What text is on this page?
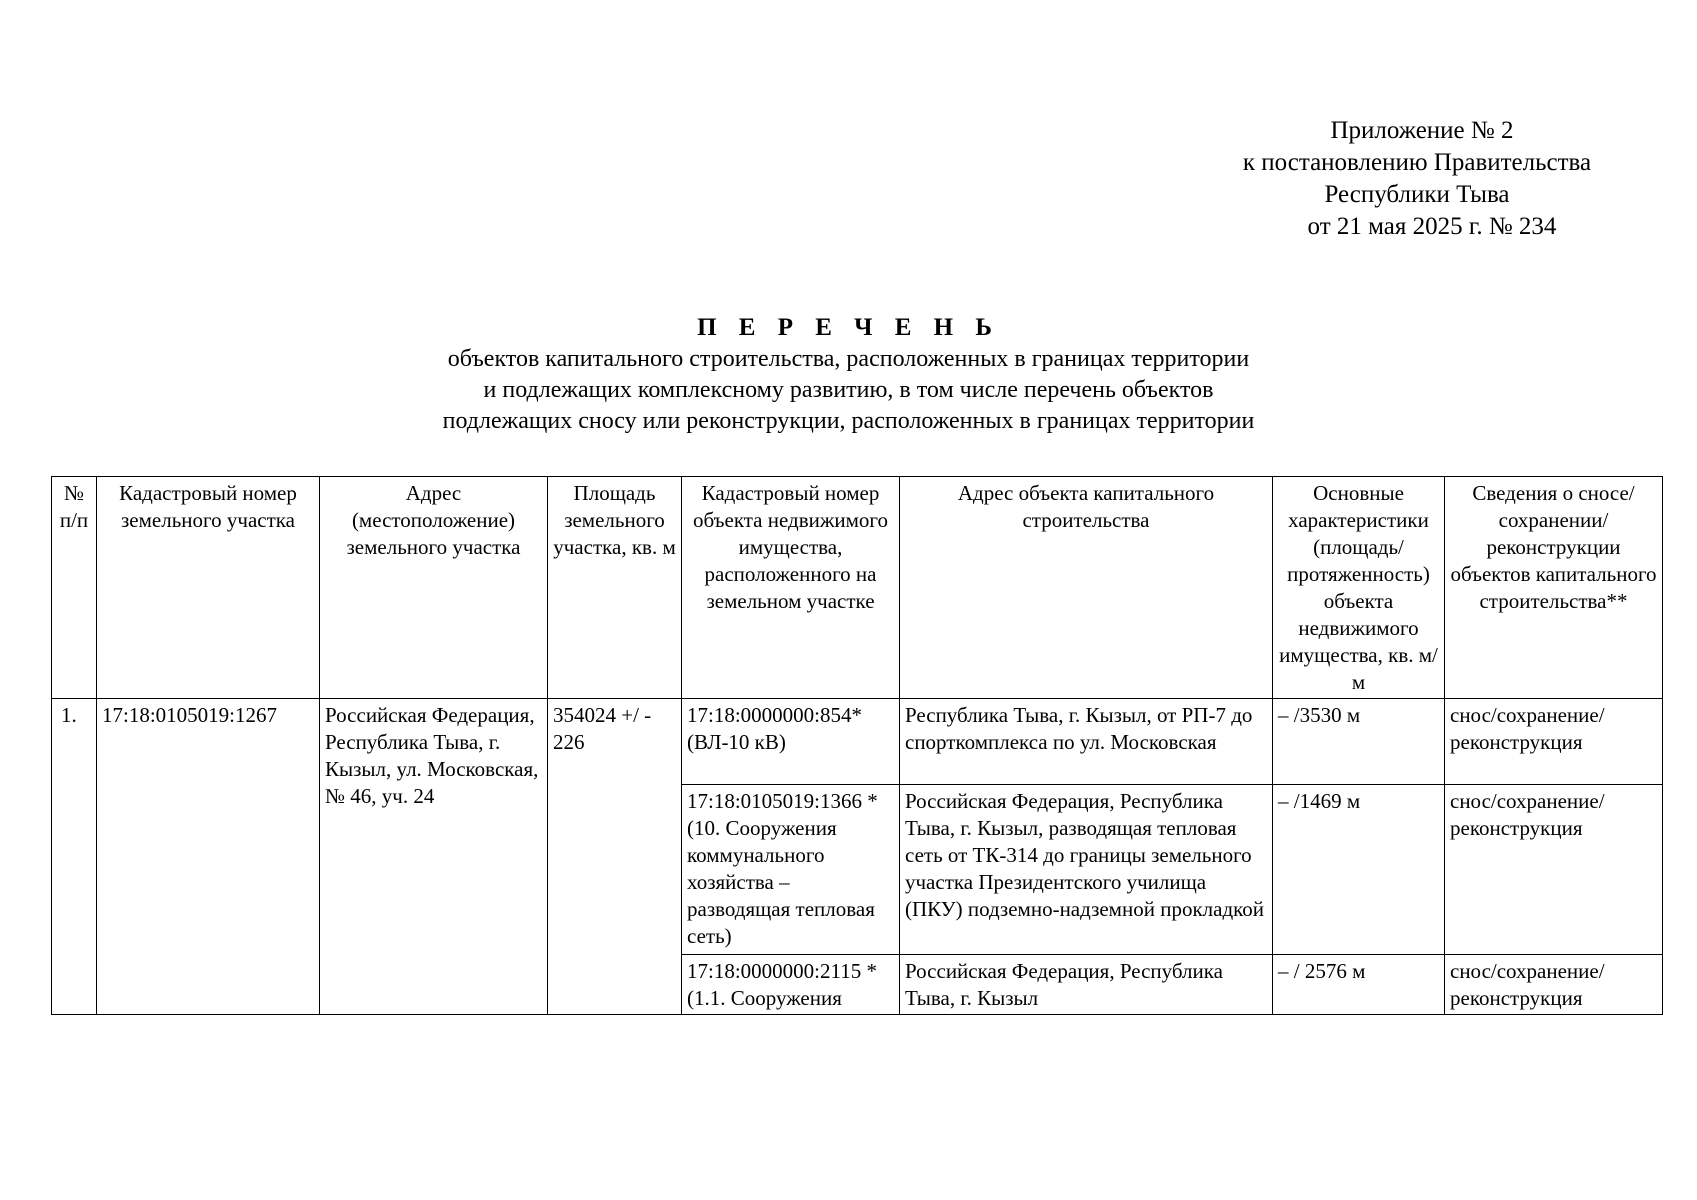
Приложение № 2
к постановлению Правительства
Республики Тыва
от 21 мая 2025 г. № 234
П Е Р Е Ч Е Н Ь
объектов капитального строительства, расположенных в границах территории
и подлежащих комплексному развитию, в том числе перечень объектов
подлежащих сносу или реконструкции, расположенных в границах территории
№ п/п	Кадастровый номер земельного участка	Адрес (местоположение) земельного участка	Площадь земельного участка, кв. м	Кадастровый номер объекта недвижимого имущества, расположенного на земельном участке	Адрес объекта капитального строительства	Основные характеристики (площадь/ протяженность) объекта недвижимого имущества, кв. м/м	Сведения о сносе/ сохранении/ реконструкции объектов капитального строительства**
1.	17:18:0105019:1267	Российская Федерация, Республика Тыва, г. Кызыл, ул. Московская, № 46, уч. 24	354024 +/ - 226	17:18:0000000:854* (ВЛ-10 кВ)	Республика Тыва, г. Кызыл, от РП-7 до спорткомплекса по ул. Московская	– /3530 м	снос/сохранение/ реконструкция
				17:18:0105019:1366 * (10. Сооружения коммунального хозяйства – разводящая тепловая сеть)	Российская Федерация, Республика Тыва, г. Кызыл, разводящая тепловая сеть от ТК-314 до границы земельного участка Президентского училища (ПКУ) подземно-надземной прокладкой	– /1469 м	снос/сохранение/ реконструкция
				17:18:0000000:2115 * (1.1. Сооружения	Российская Федерация, Республика Тыва, г. Кызыл	– / 2576 м	снос/сохранение/ реконструкция
